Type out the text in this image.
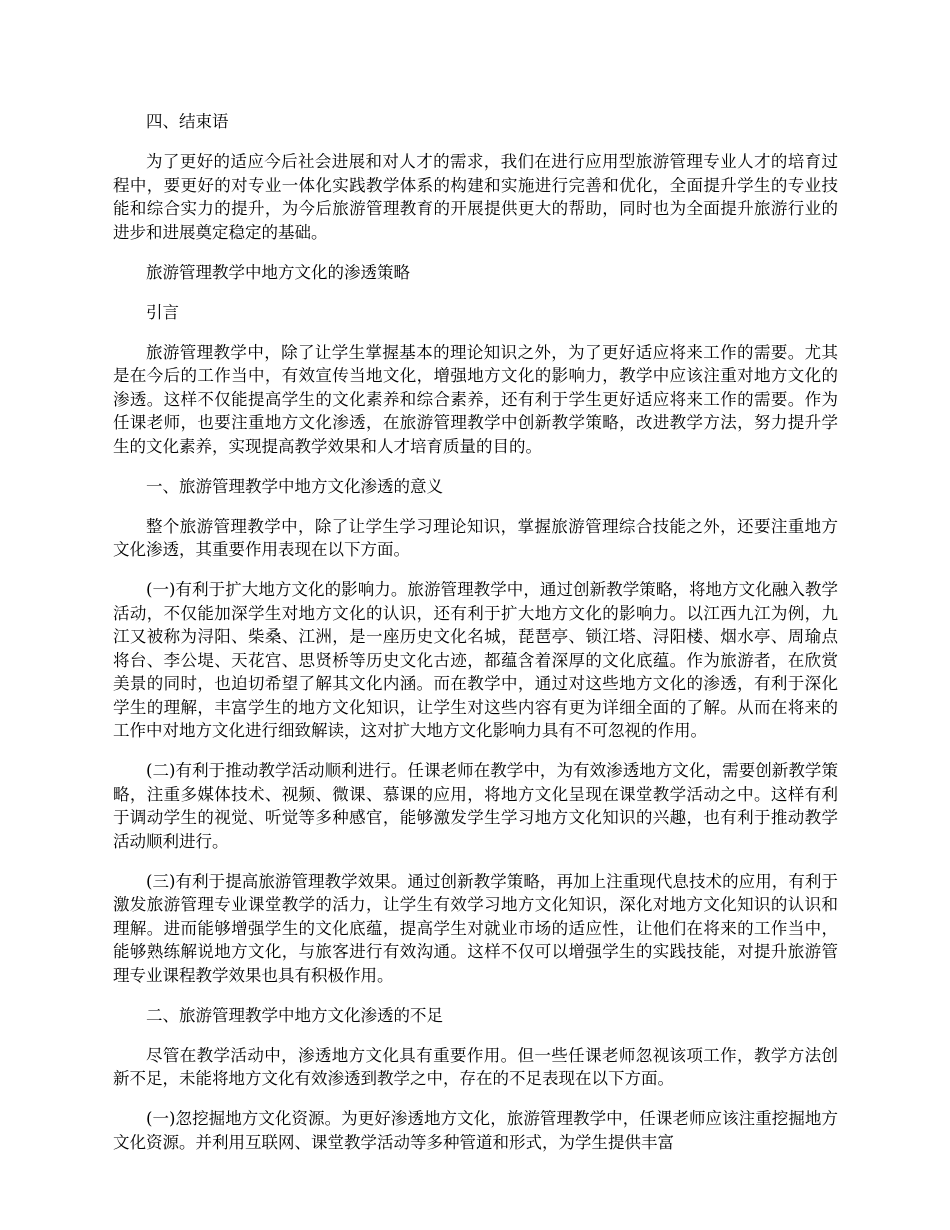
四、结束语

为了更好的适应今后社会进展和对人才的需求，我们在进行应用型旅游管理专业人才的培育过程中，要更好的对专业一体化实践教学体系的构建和实施进行完善和优化，全面提升学生的专业技能和综合实力的提升，为今后旅游管理教育的开展提供更大的帮助，同时也为全面提升旅游行业的进步和进展奠定稳定的基础。

旅游管理教学中地方文化的渗透策略

引言

旅游管理教学中，除了让学生掌握基本的理论知识之外，为了更好适应将来工作的需要。尤其是在今后的工作当中，有效宣传当地文化，增强地方文化的影响力，教学中应该注重对地方文化的渗透。这样不仅能提高学生的文化素养和综合素养，还有利于学生更好适应将来工作的需要。作为任课老师，也要注重地方文化渗透，在旅游管理教学中创新教学策略，改进教学方法，努力提升学生的文化素养，实现提高教学效果和人才培育质量的目的。

一、旅游管理教学中地方文化渗透的意义

整个旅游管理教学中，除了让学生学习理论知识，掌握旅游管理综合技能之外，还要注重地方文化渗透，其重要作用表现在以下方面。

(一)有利于扩大地方文化的影响力。旅游管理教学中，通过创新教学策略，将地方文化融入教学活动，不仅能加深学生对地方文化的认识，还有利于扩大地方文化的影响力。以江西九江为例，九江又被称为浔阳、柴桑、江洲，是一座历史文化名城，琵琶亭、锁江塔、浔阳楼、烟水亭、周瑜点将台、李公堤、天花宫、思贤桥等历史文化古迹，都蕴含着深厚的文化底蕴。作为旅游者，在欣赏美景的同时，也迫切希望了解其文化内涵。而在教学中，通过对这些地方文化的渗透，有利于深化学生的理解，丰富学生的地方文化知识，让学生对这些内容有更为详细全面的了解。从而在将来的工作中对地方文化进行细致解读，这对扩大地方文化影响力具有不可忽视的作用。

(二)有利于推动教学活动顺利进行。任课老师在教学中，为有效渗透地方文化，需要创新教学策略，注重多媒体技术、视频、微课、慕课的应用，将地方文化呈现在课堂教学活动之中。这样有利于调动学生的视觉、听觉等多种感官，能够激发学生学习地方文化知识的兴趣，也有利于推动教学活动顺利进行。

(三)有利于提高旅游管理教学效果。通过创新教学策略，再加上注重现代息技术的应用，有利于激发旅游管理专业课堂教学的活力，让学生有效学习地方文化知识，深化对地方文化知识的认识和理解。进而能够增强学生的文化底蕴，提高学生对就业市场的适应性，让他们在将来的工作当中，能够熟练解说地方文化，与旅客进行有效沟通。这样不仅可以增强学生的实践技能，对提升旅游管理专业课程教学效果也具有积极作用。

二、旅游管理教学中地方文化渗透的不足

尽管在教学活动中，渗透地方文化具有重要作用。但一些任课老师忽视该项工作，教学方法创新不足，未能将地方文化有效渗透到教学之中，存在的不足表现在以下方面。

(一)忽挖掘地方文化资源。为更好渗透地方文化，旅游管理教学中，任课老师应该注重挖掘地方文化资源。并利用互联网、课堂教学活动等多种管道和形式，为学生提供丰富
